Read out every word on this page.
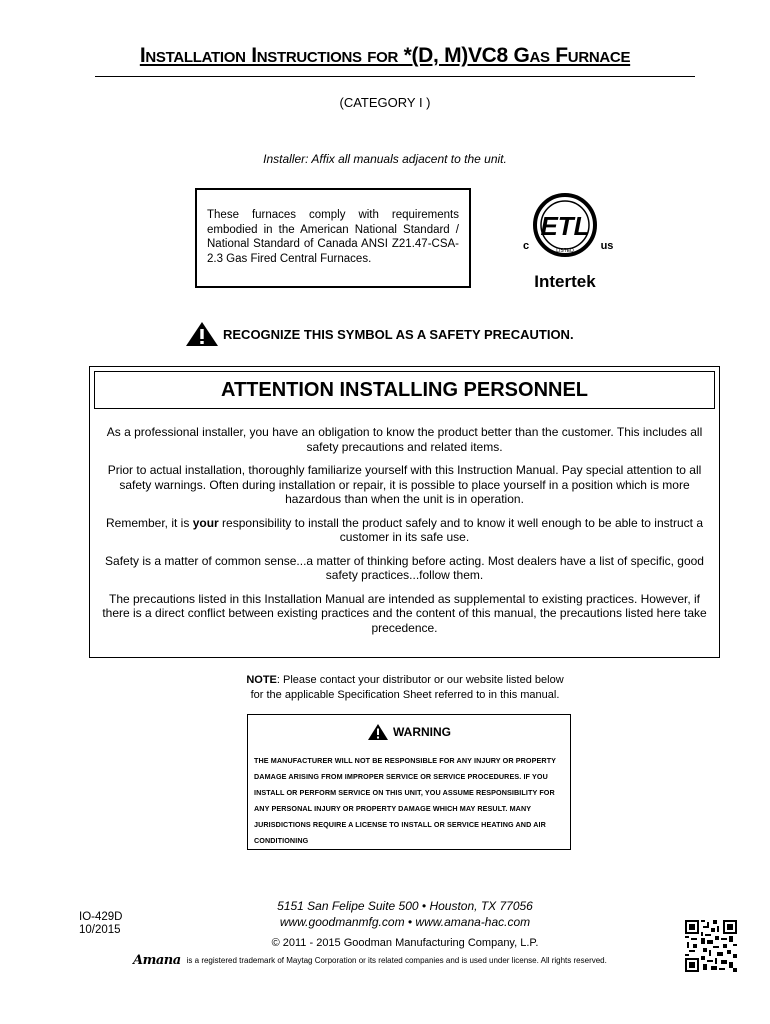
Installation Instructions for *(D, M)VC8 Gas Furnace
(CATEGORY I )
Installer: Affix all manuals adjacent to the unit.
These furnaces comply with requirements embodied in the American National Standard / National Standard of Canada ANSI Z21.47-CSA-2.3 Gas Fired Central Furnaces.
ETL
LISTED
c	us
Intertek
RECOGNIZE THIS SYMBOL AS A SAFETY PRECAUTION.
ATTENTION INSTALLING PERSONNEL

As a professional installer, you have an obligation to know the product better than the customer. This includes all safety precautions and related items.

Prior to actual installation, thoroughly familiarize yourself with this Instruction Manual. Pay special attention to all safety warnings. Often during installation or repair, it is possible to place yourself in a position which is more hazardous than when the unit is in operation.

Remember, it is your responsibility to install the product safely and to know it well enough to be able to instruct a customer in its safe use.

Safety is a matter of common sense...a matter of thinking before acting. Most dealers have a list of specific, good safety practices...follow them.

The precautions listed in this Installation Manual are intended as supplemental to existing practices. However, if there is a direct conflict between existing practices and the content of this manual, the precautions listed here take precedence.

NOTE: Please contact your distributor or our website listed below
for the applicable Specification Sheet referred to in this manual.
WARNING
THE MANUFACTURER WILL NOT BE RESPONSIBLE FOR ANY INJURY OR PROPERTY DAMAGE ARISING FROM IMPROPER SERVICE OR SERVICE PROCEDURES. IF YOU INSTALL OR PERFORM SERVICE ON THIS UNIT, YOU ASSUME RESPONSIBILITY FOR ANY PERSONAL INJURY OR PROPERTY DAMAGE WHICH MAY RESULT. MANY JURISDICTIONS REQUIRE A LICENSE TO INSTALL OR SERVICE HEATING AND AIR CONDITIONING
IO-429D
10/2015
5151 San Felipe Suite 500 • Houston, TX 77056
www.goodmanmfg.com • www.amana-hac.com
© 2011 - 2015 Goodman Manufacturing Company, L.P.
Amana is a registered trademark of Maytag Corporation or its related companies and is used under license. All rights reserved.
